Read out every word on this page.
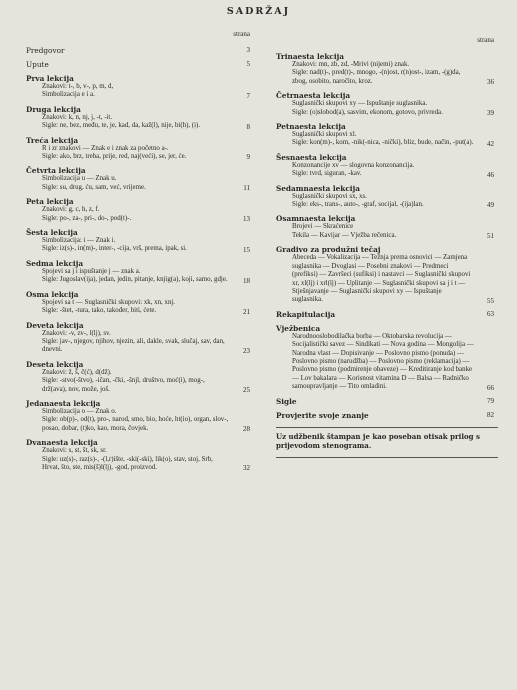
SADRŽAJ
strana
Predgovor	3
Upute	5
Prva lekcija
Znakovi: t-, b, v-, p, m, d,
Simbolizacija e i a.	7
Druga lekcija
Znakovi: k, n, nj, j, -t, -it.
Sigle: ne, bez, među, te, je, kad, da, kaž(l), nije, bi(h), (i).	8
Treća lekcija
R i zr znakovi — Znak e i znak za početno a-.
Sigle: ako, brz, treba, prije, red, naj(veći), se, jer, će.	9
Četvrta lekcija
Simbolizacija u — Znak u.
Sigle: su, drug, ću, sam, već, vrijeme.	11
Peta lekcija
Znakovi: g, c, h, z, f.
Sigle: po-, za-, pri-, do-, pod(t)-.	13
Šesta lekcija
Simbolizacija: i — Znak i.
Sigle: iz(s)-, in(m)-, inter-, -cija, vrš, prema, ipak, si.	15
Sedma lekcija
Spojevi sa j i ispuštanje j — znak a.
Sigle: Jugoslav(ija), jedan, jedin, pitanje, knjig(a), koji, samo, gdje.	18
Osma lekcija
Spojevi sa t — Suglasnički skupovi: xk, xn, xnj.
Sigle: -štet, -tura, tako, također, biti, ćete.	21
Deveta lekcija
Znakovi: -v, zv-, l(lj), sv.
Sigle: jav-, njegov, njihov, njezin, ali, dakle, svak, slučaj, sav, dan, dnevni.	23
Deseta lekcija
Znakovi: ž, š, č(ć), d(dž).
Sigle: -stvo(-štvo), -ičan, -čki, -šnjl, društvo, moć(i), mog-, drž(ava), nov, može, još.	25
Jedanaesta lekcija
Simbolizacija o — Znak o.
Sigle: ob(p)-, od(t), pro-, narod, smo, bio, hoće, ht(io), organ, slov-, posao, dobar, (t)ko, kao, mora, čovjek.	28
Dvanaesta lekcija
Znakovi: s, st, št, sk, sr.
Sigle: uz(s)-, raz(s)-, -(l,r)ište, -ski(-ski), lik(o), stav, stoj, Srb, Hrvat, što, ste, mis(š)l(lj), -god, proizvod.	32
strana
Trinaesta lekcija
Znakovi: mn, zb, zd, -Mrivi (nijemi) znak.
Sigle: nad(t)-, pred(t)-, mnogo, -(n)ost, r(n)ost-, izam, -(g)da, zbog, osobito, naročito, kroz.	36
Četrnaesta lekcija
Suglasnički skupovi xy — Ispuštanje suglasnika.
Sigle: (o)slobod(a), sasvim, ekonom, gotovo, privreda.	39
Petnaesta lekcija
Suglasnički skupovi xl.
Sigle: kon(m)-, kom, -nik(-nica, -nički), bliz, bude, način, -put(a). 42
Šesnaesta lekcija
Konzonancije xv — slogovna konzonancija.
Sigle: tvrd, siguran, -kav.	46
Sedamnaesta lekcija
Suglasnički skupovi sx, xs.
Sigle: eks-, trans-, auto-, -graf, socijal, -(ija)lan.	49
Osamnaesta lekcija
Brojevi — Skraćenice
Tekila — Kavijar — Vježba rečenica.	51
Gradivo za produžni tečaj
Abeceda — Vokalizacija — Težnja prema osnovici — Zamjena suglasnika — Dvoglasi — Posebni znakovi — Predmeci (prefiksi) — Završeci (sufiksi) i nastavci — Suglasnički skupovi xr, xl(lj) i xrl(lj) — Uplitanje — Suglasnički skupovi sa j i t — Stješnjavanje — Suglasnički skupovi xy — Ispuštanje suglasnika.	55
Rekapitulacija	63
Vježbenica
Narodnooslobodilačka borba — Oktobarska revolucija — Socijalistički savez — Sindikati — Nova godina — Mongolija — Narodna vlast — Dopisivanje — Poslovno pismo (ponuda) — Poslovno pismo (narudžba) — Poslovno pismo (reklamacija) — Poslovno pismo (podmirenje obaveze) — Kreditiranje kod banke — Lov bakalara — Korisnost vitamina D — Balsa — Radničko samoupravljanje — Tito omladini.	66
Sigle	79
Provjerite svoje znanje	82
Uz udžbenik štampan je kao poseban otisak prilog s prijevodom stenograma.
